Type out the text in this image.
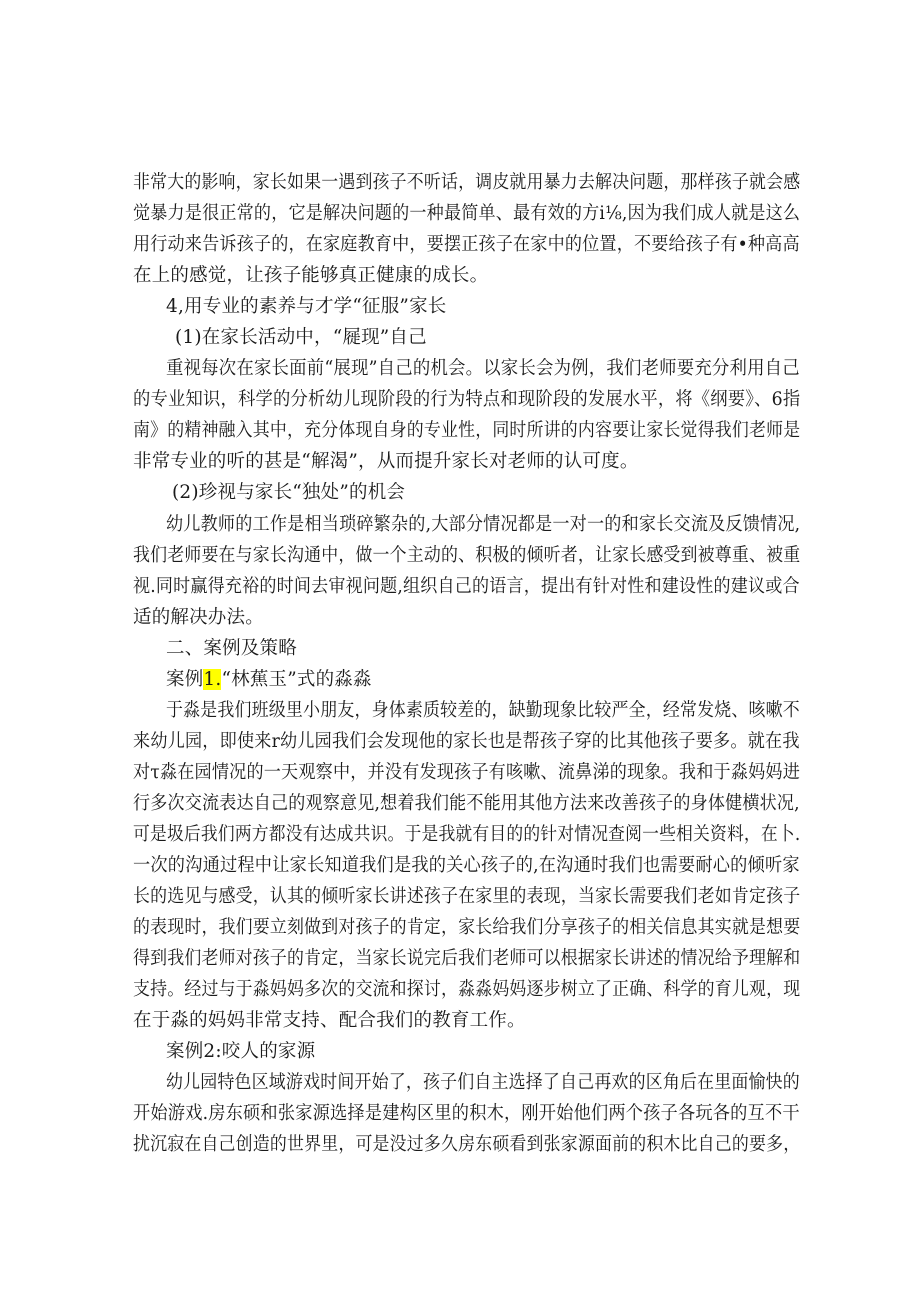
非常大的影响，家长如果一遇到孩子不听话，调皮就用暴力去解决问题，那样孩子就会感
觉暴力是很正常的，它是解决问题的一种最简单、最有效的方i⅛,因为我们成人就是这么
用行动来告诉孩子的，在家庭教育中，要摆正孩子在家中的位置，不要给孩子有•种高高
在上的感觉，让孩子能够真正健康的成长。
4,用专业的素养与才学“征服”家长
(1)在家长活动中，“屣现”自己
重视每次在家长面前“展现”自己的机会。以家长会为例，我们老师要充分利用自己
的专业知识，科学的分析幼儿现阶段的行为特点和现阶段的发展水平，将《纲要》、6指
南》的精神融入其中，充分体现自身的专业性，同时所讲的内容要让家长觉得我们老师是
非常专业的听的甚是“解渴”，从而提升家长对老师的认可度。
(2)珍视与家长“独处”的机会
幼儿教师的工作是相当琐碎繁杂的,大部分情况都是一对一的和家长交流及反馈情况,
我们老师要在与家长沟通中，做一个主动的、积极的倾听者，让家长感受到被尊重、被重
视.同时赢得充裕的时间去审视问题,组织自己的语言，提出有针对性和建设性的建议或合
适的解决办法。
二、案例及策略
案例1.“林蕉玉”式的淼淼
于淼是我们班级里小朋友，身体素质较差的，缺勤现象比较严全，经常发烧、咳嗽不
来幼儿园，即使来r幼儿园我们会发现他的家长也是帮孩子穿的比其他孩子要多。就在我
对τ淼在园情况的一天观察中，并没有发现孩子有咳嗽、流鼻涕的现象。我和于淼妈妈进
行多次交流表达自己的观察意见,想着我们能不能用其他方法来改善孩子的身体健横状况,
可是圾后我们两方都没有达成共识。于是我就有目的的针对情况查阅一些相关资料，在卜.
一次的沟通过程中让家长知道我们是我的关心孩子的,在沟通时我们也需要耐心的倾听家
长的选见与感受，认其的倾听家长讲述孩子在家里的表现，当家长需要我们老如肯定孩子
的表现时，我们要立刻做到对孩子的肯定，家长给我们分享孩子的相关信息其实就是想要
得到我们老师对孩子的肯定，当家长说完后我们老师可以根据家长讲述的情况给予理解和
支持。经过与于淼妈妈多次的交流和探讨，淼淼妈妈逐步树立了正确、科学的育儿观，现
在于淼的妈妈非常支持、配合我们的教育工作。
案例2:咬人的家源
幼儿园特色区域游戏时间开始了，孩子们自主选择了自己再欢的区角后在里面愉快的
开始游戏.房东硕和张家源选择是建构区里的积木，刚开始他们两个孩子各玩各的互不干
扰沉寂在自己创造的世界里，可是没过多久房东硕看到张家源面前的积木比自己的要多，
